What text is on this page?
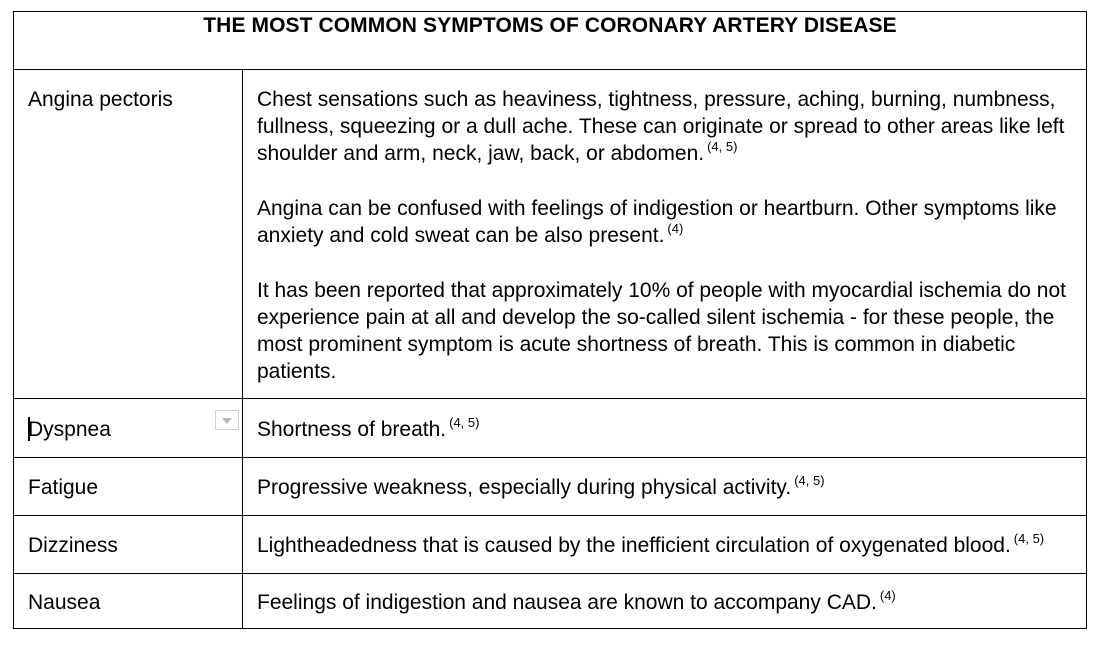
THE MOST COMMON SYMPTOMS OF CORONARY ARTERY DISEASE	

Angina pectoris	Chest sensations such as heaviness, tightness, pressure, aching, burning, numbness, fullness, squeezing or a dull ache. These can originate or spread to other areas like left shoulder and arm, neck, jaw, back, or abdomen. $^{(4, 5)}$

Angina can be confused with feelings of indigestion or heartburn. Other symptoms like anxiety and cold sweat can be also present. $^{(4)}$

It has been reported that approximately 10% of people with myocardial ischemia do not experience pain at all and develop the so-called silent ischemia - for these people, the most prominent symptom is acute shortness of breath. This is common in diabetic patients.

Dyspnea	Shortness of breath. $^{(4, 5)}$

Fatigue	Progressive weakness, especially during physical activity. $^{(4, 5)}$

Dizziness	Lightheadedness that is caused by the inefficient circulation of oxygenated blood. $^{(4, 5)}$

Nausea	Feelings of indigestion and nausea are known to accompany CAD. $^{(4)}$
